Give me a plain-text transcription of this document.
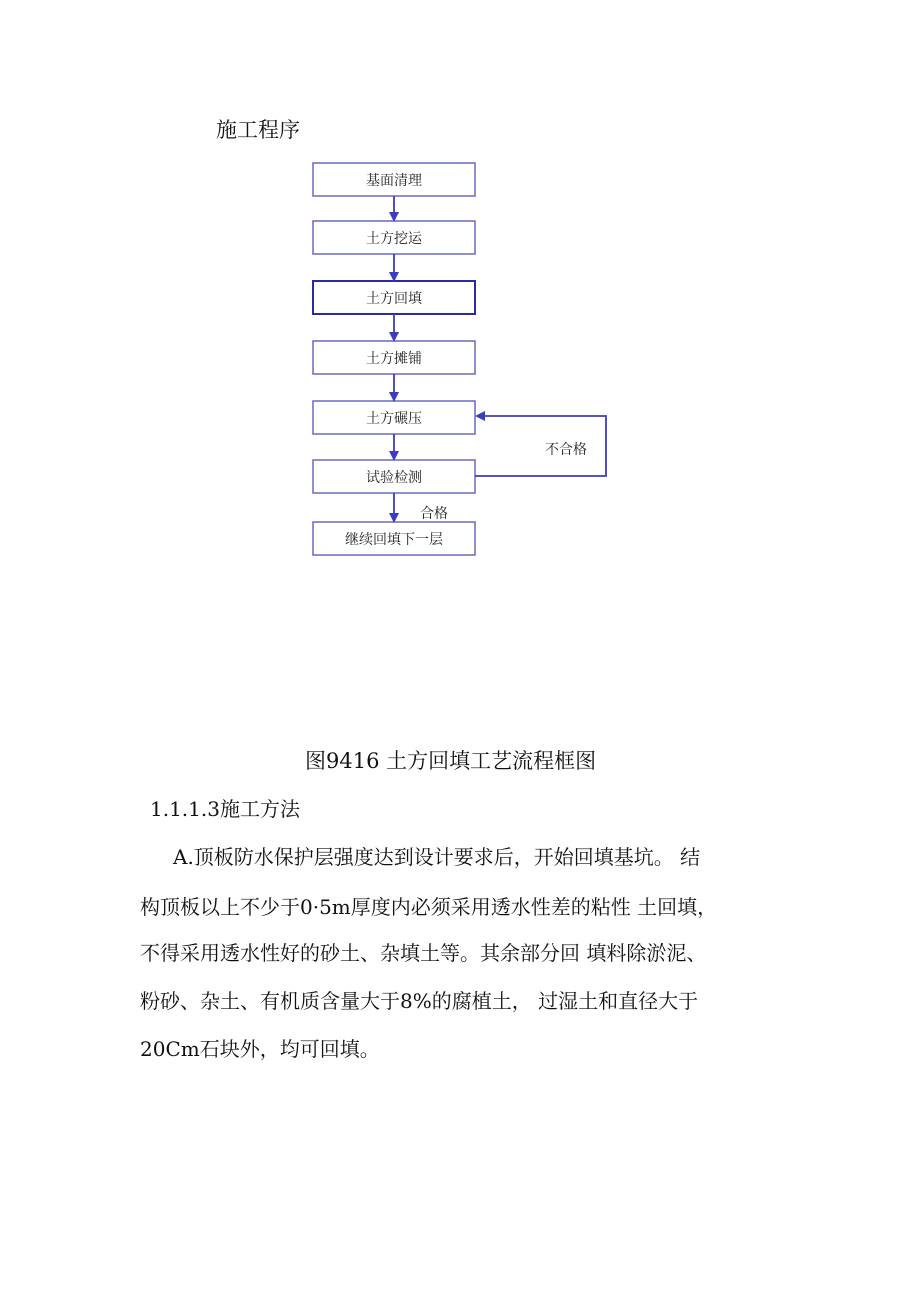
施工程序
基面清理
土方挖运
土方回填
土方摊铺
土方碾压
试验检测
继续回填下一层
不合格
合格
图9416 土方回填工艺流程框图
1.1.1.3施工方法
A.顶板防水保护层强度达到设计要求后，开始回填基坑。 结
构顶板以上不少于0·5m厚度内必须采用透水性差的粘性 土回填，
不得采用透水性好的砂土、杂填土等。其余部分回 填料除淤泥、
粉砂、杂土、有机质含量大于8%的腐植土， 过湿土和直径大于
20Cm石块外，均可回填。
